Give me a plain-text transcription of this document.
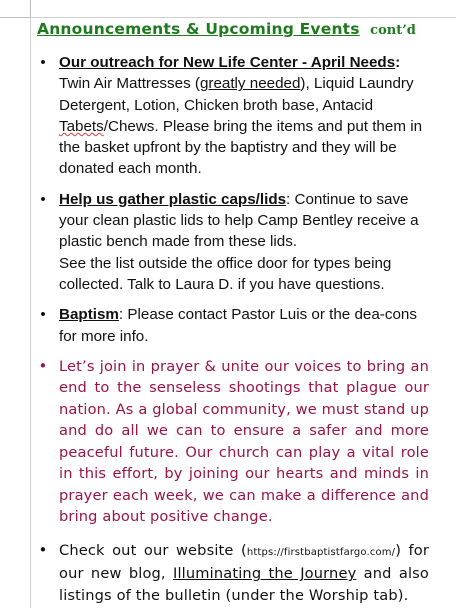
Announcements & Upcoming Events cont’d
• Our outreach for New Life Center - April Needs: Twin Air Mattresses (greatly needed), Liquid Laundry Detergent, Lotion, Chicken broth base, Antacid Tabets/Chews. Please bring the items and put them in the basket upfront by the baptistry and they will be donated each month.
• Help us gather plastic caps/lids: Continue to save your clean plastic lids to help Camp Bentley receive a plastic bench made from these lids.
See the list outside the office door for types being collected. Talk to Laura D. if you have questions.
• Baptism: Please contact Pastor Luis or the dea-cons for more info.
• Let’s join in prayer & unite our voices to bring an end to the senseless shootings that plague our nation. As a global community, we must stand up and do all we can to ensure a safer and more peaceful future. Our church can play a vital role in this effort, by joining our hearts and minds in prayer each week, we can make a difference and bring about positive change.
• Check out our website (https://firstbaptistfargo.com/) for our new blog, Illuminating the Journey and also listings of the bulletin (under the Worship tab).
